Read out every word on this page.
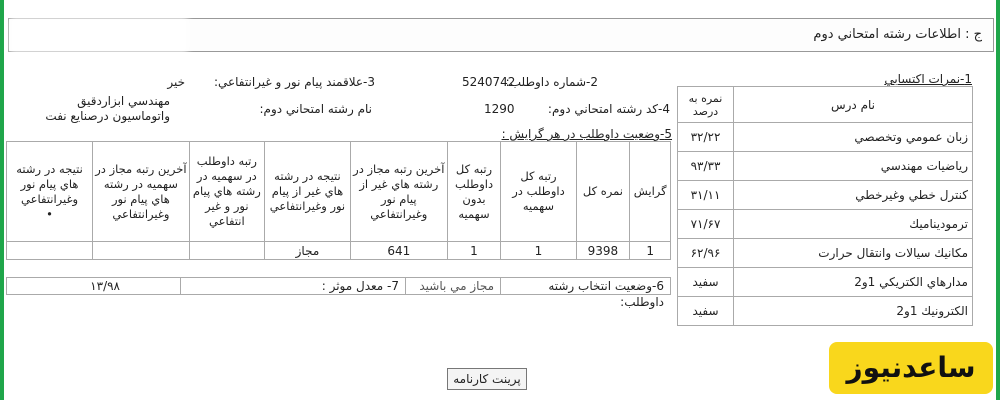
ج : اطلاعات رشته امتحاني دوم
2-شماره داوطلب:
5240742
3-علاقمند پيام نور و غيرانتفاعي:
خير
4-كد رشته امتحاني دوم:
1290
نام رشته امتحاني دوم:
مهندسي ابزاردقيق
واتوماسيون درصنايع نفت
5-وضعيت داوطلب در هر گرايش :
1-نمرات اكتسابي
نام درس	نمره به درصد
زبان عمومي وتخصصي	۳۲/۲۲
رياضيات مهندسي	۹۳/۳۳
كنترل خطي وغيرخطي	۳۱/۱۱
ترموديناميك	۷۱/۶۷
مكانيك سيالات وانتقال حرارت	۶۲/۹۶
مدارهاي الكتريكي 1و2	سفيد
الكترونيك 1و2	سفيد
گرايش	نمره كل	رتبه كل داوطلب در سهميه	رتبه كل داوطلب بدون سهميه	آخرين رتبه مجاز در رشته هاي غير از پيام نور وغيرانتفاعي	نتيجه در رشته هاي غير از پيام نور وغيرانتفاعي	رتبه داوطلب در سهميه در رشته هاي پيام نور و غير انتفاعي	آخرين رتبه مجاز در سهميه در رشته هاي پيام نور وغيرانتفاعي	نتيجه در رشته هاي پيام نور وغيرانتفاعي
•
1	9398	1	1	641	مجاز			
6-وضعيت انتخاب رشته داوطلب:
مجاز مي باشيد
7- معدل موثر :
۱۳/۹۸
پرينت كارنامه	ساعدنیوز
